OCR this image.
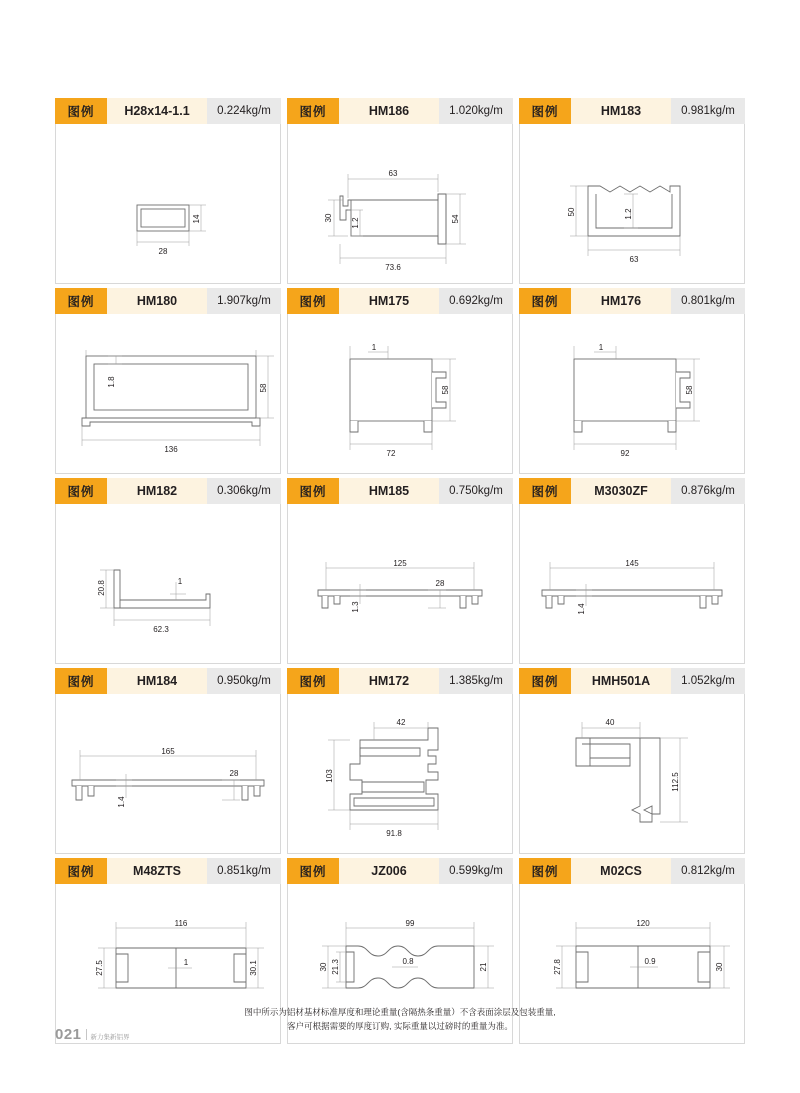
图例	H28x14-1.1	0.224kg/m
14
28
图例	HM186	1.020kg/m
63
30	54
1.2
73.6
图例	HM183	0.981kg/m
50	1.2
63
图例	HM180	1.907kg/m
1.8
58
136
图例	HM175	0.692kg/m
1
58
72
图例	HM176	0.801kg/m
1
58
92
图例	HM182	0.306kg/m
20.8	1
62.3
图例	HM185	0.750kg/m
125
1.3
28
图例	M3030ZF	0.876kg/m
145
1.4
图例	HM184	0.950kg/m
165
1.4
28
图例	HM172	1.385kg/m
42
103
91.8
图例	HMH501A	1.052kg/m
40
112.5
图例	M48ZTS	0.851kg/m
116
27.5	1	30.1
图例	JZ006	0.599kg/m
99
30 21.3	0.8
21
图例	M02CS	0.812kg/m
120
27.8	0.9
30
图中所示为铝材基材标准厚度和理论重量(含隔热条重量）不含表面涂层及包装重量,
客户可根据需要的厚度订购, 实际重量以过磅时的重量为准。
021 新力集新铝界
